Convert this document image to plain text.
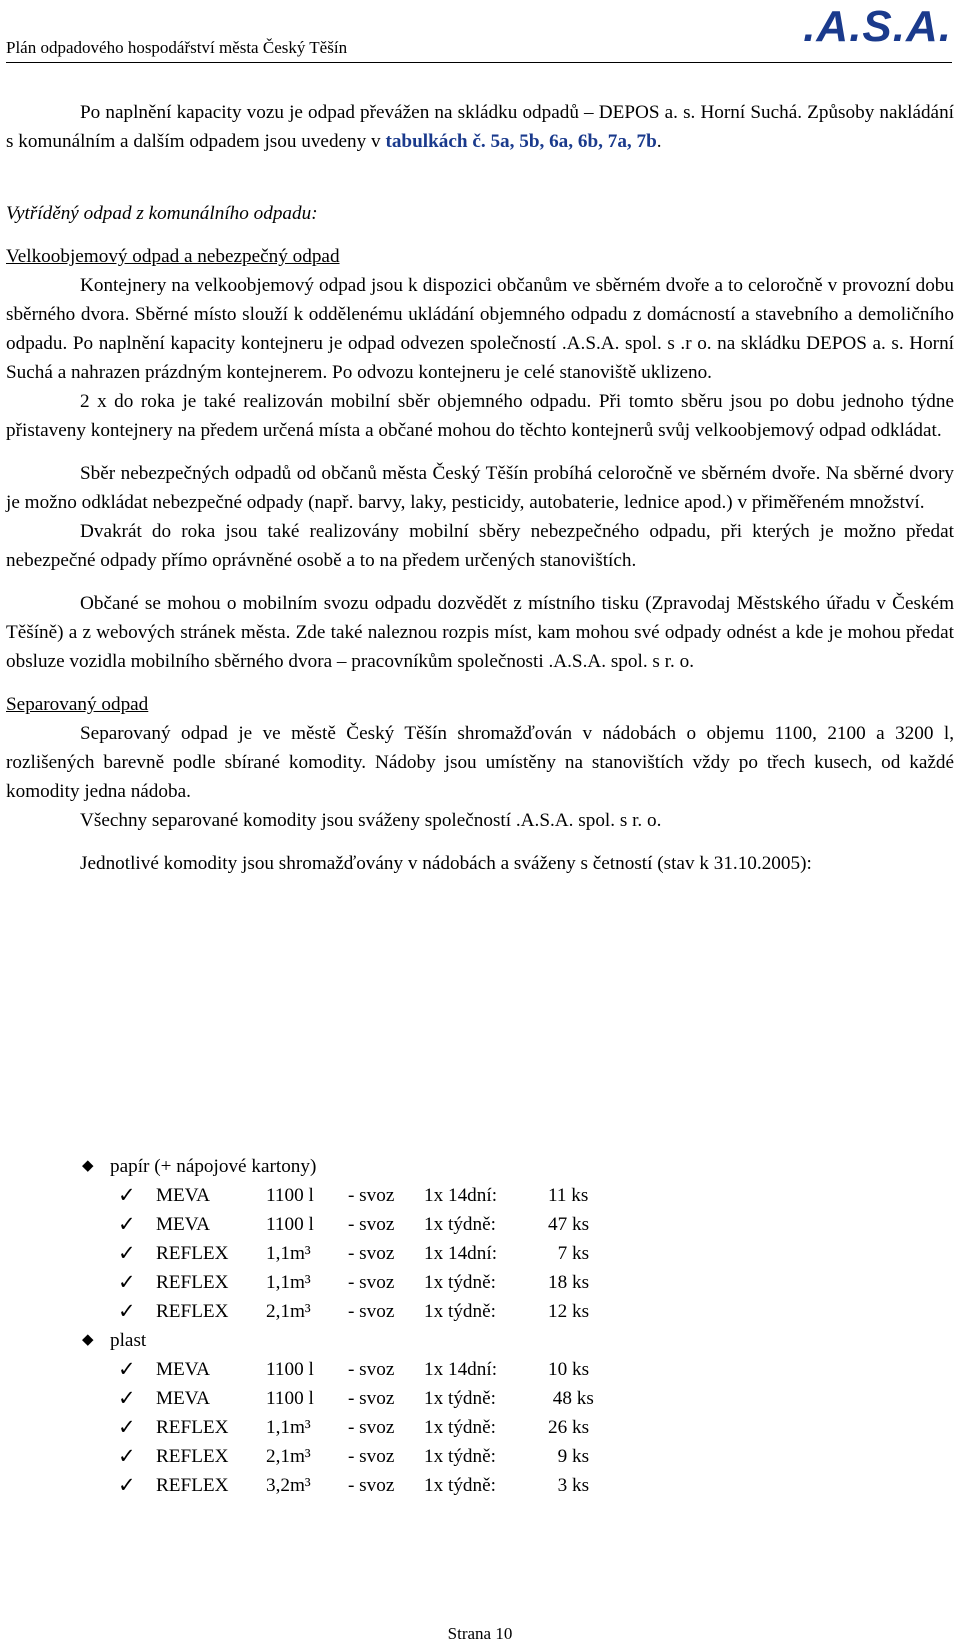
Plán odpadového hospodářství města Český Těšín	.A.S.A.

Po naplnění kapacity vozu je odpad převážen na skládku odpadů – DEPOS a. s. Horní Suchá. Způsoby nakládání s komunálním a dalším odpadem jsou uvedeny v tabulkách č. 5a, 5b, 6a, 6b, 7a, 7b.

Vytříděný odpad z komunálního odpadu:

Velkoobjemový odpad a nebezpečný odpad

Kontejnery na velkoobjemový odpad jsou k dispozici občanům ve sběrném dvoře a to celoročně v provozní dobu sběrného dvora. Sběrné místo slouží k oddělenému ukládání objemného odpadu z domácností a stavebního a demoličního odpadu. Po naplnění kapacity kontejneru je odpad odvezen společností .A.S.A. spol. s .r o. na skládku DEPOS a. s. Horní Suchá a nahrazen prázdným kontejnerem. Po odvozu kontejneru je celé stanoviště uklizeno.

2 x do roka je také realizován mobilní sběr objemného odpadu. Při tomto sběru jsou po dobu jednoho týdne přistaveny kontejnery na předem určená místa a občané mohou do těchto kontejnerů svůj velkoobjemový odpad odkládat.

Sběr nebezpečných odpadů od občanů města Český Těšín probíhá celoročně ve sběrném dvoře. Na sběrné dvory je možno odkládat nebezpečné odpady (např. barvy, laky, pesticidy, autobaterie, lednice apod.) v přiměřeném množství.

Dvakrát do roka jsou také realizovány mobilní sběry nebezpečného odpadu, při kterých je možno předat nebezpečné odpady přímo oprávněné osobě a to na předem určených stanovištích.

Občané se mohou o mobilním svozu odpadu dozvědět z místního tisku (Zpravodaj Městského úřadu v Českém Těšíně) a z webových stránek města. Zde také naleznou rozpis míst, kam mohou své odpady odnést a kde je mohou předat obsluze vozidla mobilního sběrného dvora – pracovníkům společnosti .A.S.A. spol. s r. o.

Separovaný odpad

Separovaný odpad je ve městě Český Těšín shromažďován v nádobách o objemu 1100, 2100 a 3200 l, rozlišených barevně podle sbírané komodity. Nádoby jsou umístěny na stanovištích vždy po třech kusech, od každé komodity jedna nádoba.

Všechny separované komodity jsou sváženy společností .A.S.A. spol. s r. o.

Jednotlivé komodity jsou shromažďovány v nádobách a sváženy s četností (stav k 31.10.2005):

◆ papír (+ nápojové kartony)
✓	MEVA	1100 l	- svoz	1x 14dní:	11 ks
✓	MEVA	1100 l	- svoz	1x týdně:	47 ks
✓	REFLEX	1,1m³	- svoz	1x 14dní:	7 ks
✓	REFLEX	1,1m³	- svoz	1x týdně:	18 ks
✓	REFLEX	2,1m³	- svoz	1x týdně:	12 ks
◆ plast
✓	MEVA	1100 l	- svoz	1x 14dní:	10 ks
✓	MEVA	1100 l	- svoz	1x týdně:	48 ks
✓	REFLEX	1,1m³	- svoz	1x týdně:	26 ks
✓	REFLEX	2,1m³	- svoz	1x týdně:	9 ks
✓	REFLEX	3,2m³	- svoz	1x týdně:	3 ks
Strana 10
